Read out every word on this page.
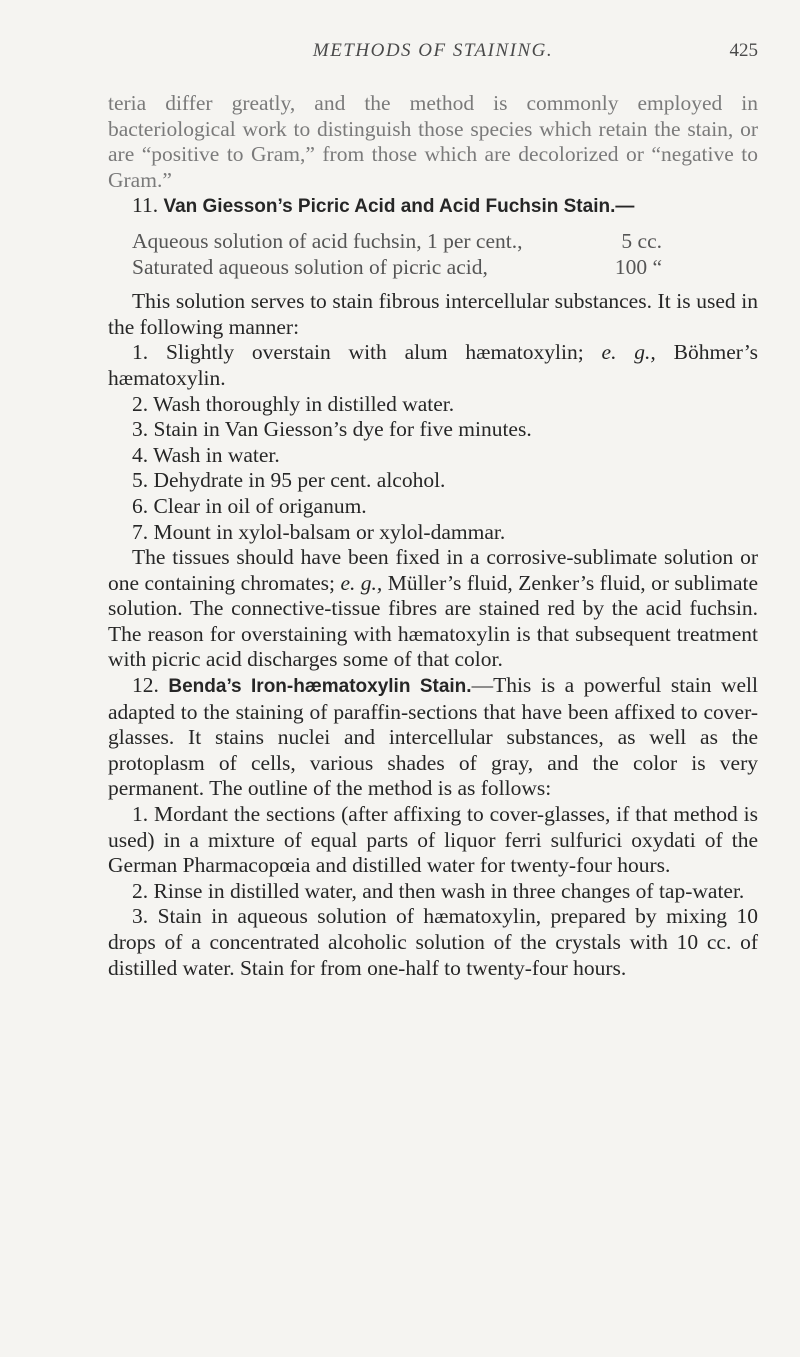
METHODS OF STAINING.	425

teria differ greatly, and the method is commonly employed in bacteriological work to distinguish those species which retain the stain, or are “positive to Gram,” from those which are decolorized or “negative to Gram.”

11. Van Giesson’s Picric Acid and Acid Fuchsin Stain.—

Aqueous solution of acid fuchsin, 1 per cent.,	5 cc.
Saturated aqueous solution of picric acid,	100 “

This solution serves to stain fibrous intercellular substances. It is used in the following manner:

1. Slightly overstain with alum hæmatoxylin; e. g., Böhmer’s hæmatoxylin.

2. Wash thoroughly in distilled water.

3. Stain in Van Giesson’s dye for five minutes.

4. Wash in water.

5. Dehydrate in 95 per cent. alcohol.

6. Clear in oil of origanum.

7. Mount in xylol-balsam or xylol-dammar.

The tissues should have been fixed in a corrosive-sublimate solution or one containing chromates; e. g., Müller’s fluid, Zenker’s fluid, or sublimate solution. The connective-tissue fibres are stained red by the acid fuchsin. The reason for overstaining with hæmatoxylin is that subsequent treatment with picric acid discharges some of that color.

12. Benda’s Iron-hæmatoxylin Stain.—This is a powerful stain well adapted to the staining of paraffin-sections that have been affixed to cover-glasses. It stains nuclei and intercellular substances, as well as the protoplasm of cells, various shades of gray, and the color is very permanent. The outline of the method is as follows:

1. Mordant the sections (after affixing to cover-glasses, if that method is used) in a mixture of equal parts of liquor ferri sulfurici oxydati of the German Pharmacopœia and distilled water for twenty-four hours.

2. Rinse in distilled water, and then wash in three changes of tap-water.

3. Stain in aqueous solution of hæmatoxylin, prepared by mixing 10 drops of a concentrated alcoholic solution of the crystals with 10 cc. of distilled water. Stain for from one-half to twenty-four hours.
